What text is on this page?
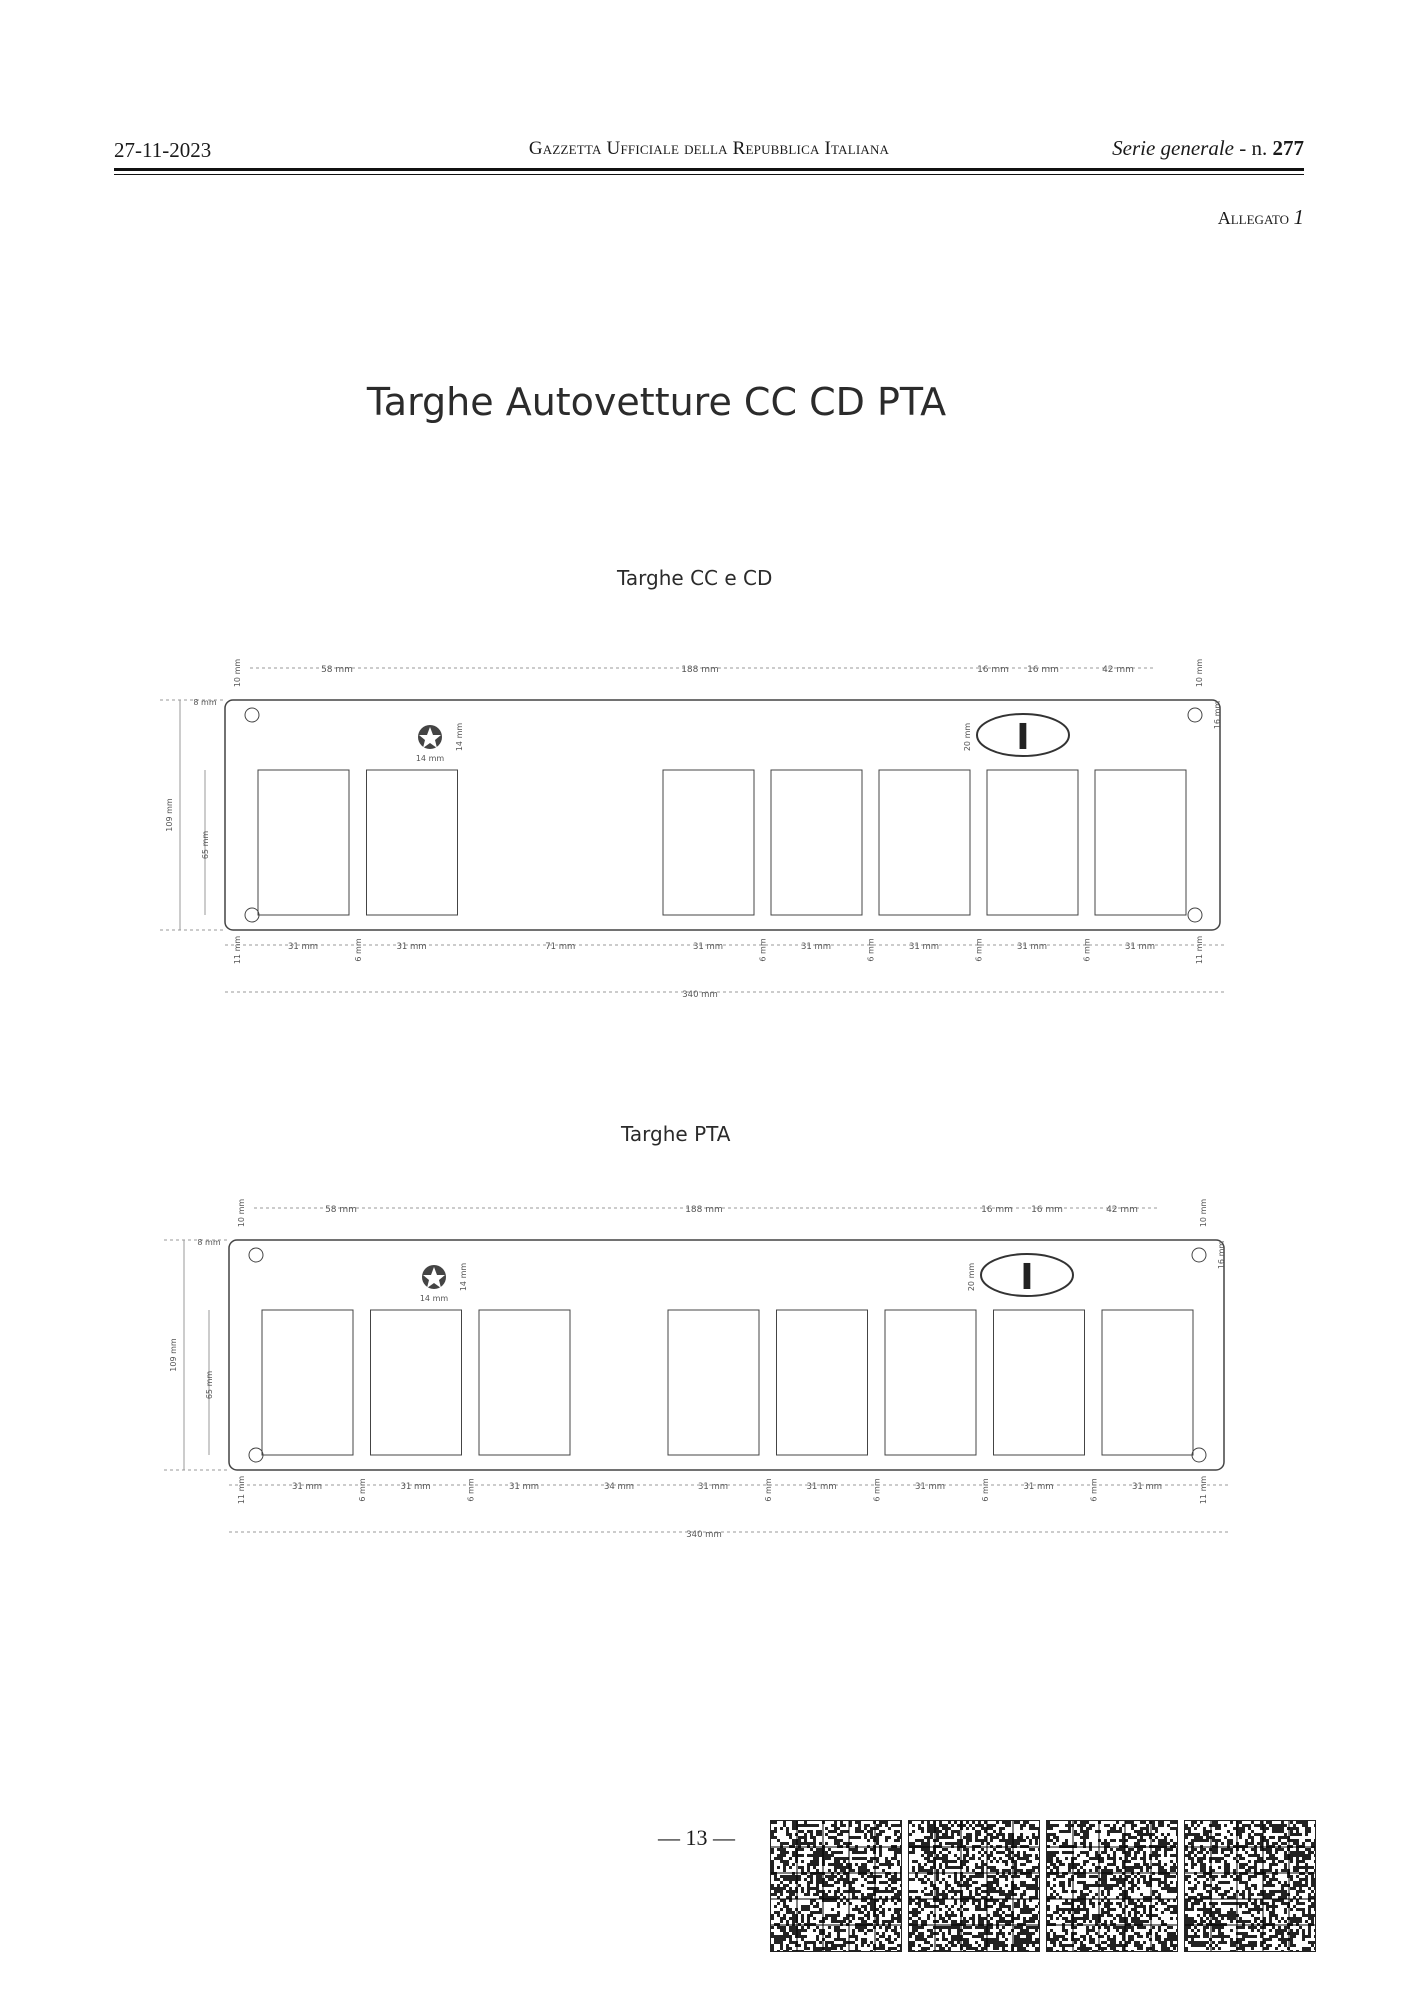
27-11-2023	Gazzetta Ufficiale della Repubblica Italiana	Serie generale - n. 277
Allegato 1
Targhe Autovetture CC CD PTA
Targhe CC e CD
Targhe PTA
I
58 mm	188 mm	16 mm 16 mm	42 mm
10 mm	10 mm
8 mm
14 mm
14 mm
20 mm
16 mm
109 mm
65 mm
11 mm	11 mm
31 mm	31 mm	31 mm	31 mm	31 mm	31 mm	31 mm
6 mm	6 mm	6 mm	6 mm	6 mm
71 mm
340 mm
I
58 mm	188 mm	16 mm 16 mm	42 mm
10 mm	10 mm
8 mm
14 mm
14 mm
20 mm
16 mm
109 mm
65 mm
11 mm	11 mm
31 mm	31 mm	31 mm	31 mm	31 mm	31 mm	31 mm	31 mm
6 mm	6 mm	6 mm	6 mm	6 mm	6 mm
34 mm
340 mm
— 13 —
